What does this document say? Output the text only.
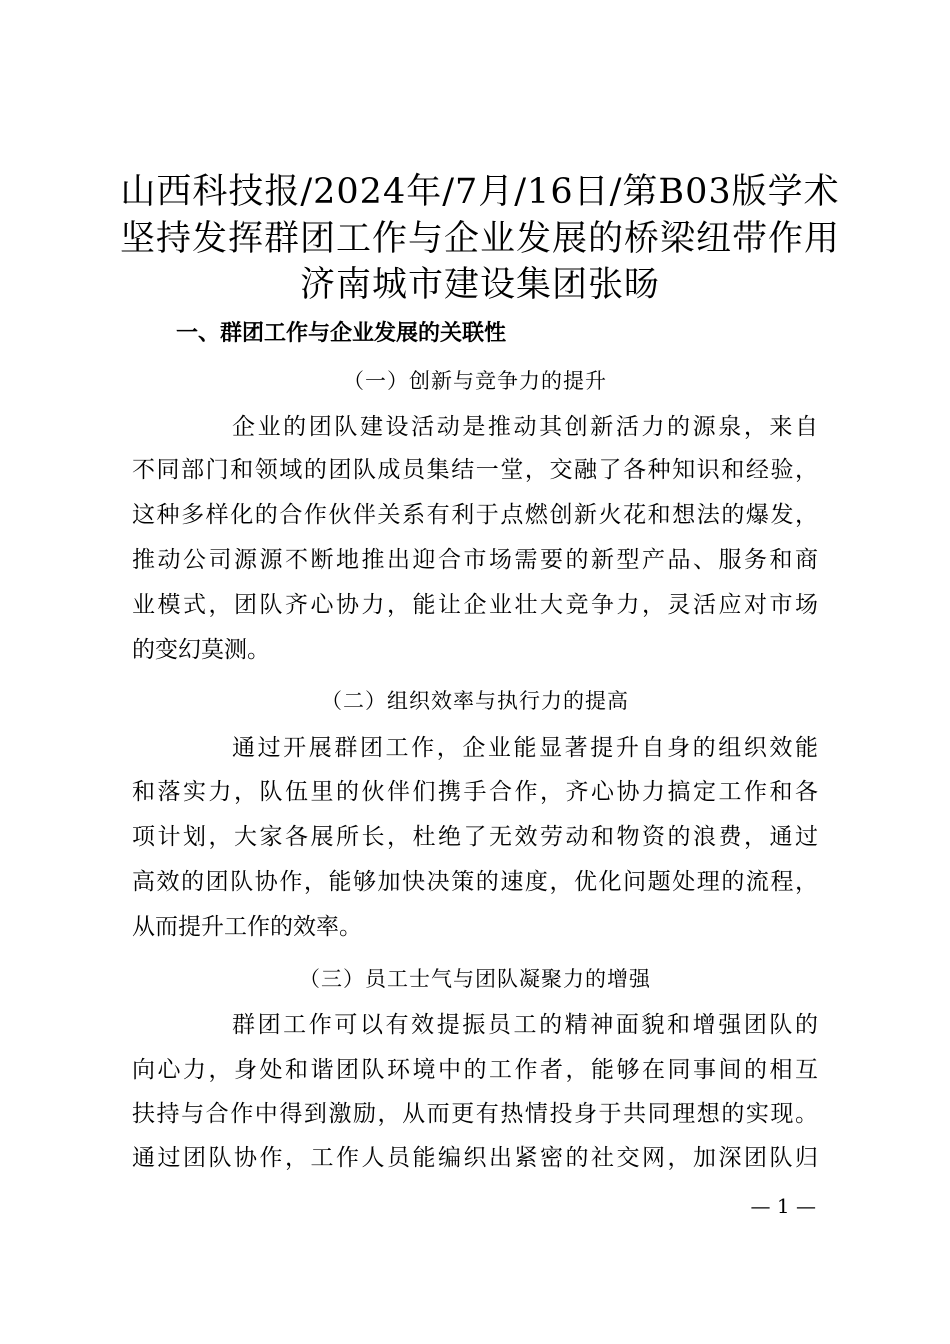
山西科技报/2024年/7月/16日/第B03版学术
坚持发挥群团工作与企业发展的桥梁纽带作用
济南城市建设集团张旸
一、群团工作与企业发展的关联性
（一）创新与竞争力的提升
企业的团队建设活动是推动其创新活力的源泉，来自
不同部门和领域的团队成员集结一堂，交融了各种知识和经验，
这种多样化的合作伙伴关系有利于点燃创新火花和想法的爆发，
推动公司源源不断地推出迎合市场需要的新型产品、服务和商
业模式，团队齐心协力，能让企业壮大竞争力，灵活应对市场
的变幻莫测。
（二）组织效率与执行力的提高
通过开展群团工作，企业能显著提升自身的组织效能
和落实力，队伍里的伙伴们携手合作，齐心协力搞定工作和各
项计划，大家各展所长，杜绝了无效劳动和物资的浪费，通过
高效的团队协作，能够加快决策的速度，优化问题处理的流程，
从而提升工作的效率。
（三）员工士气与团队凝聚力的增强
群团工作可以有效提振员工的精神面貌和增强团队的
向心力，身处和谐团队环境中的工作者，能够在同事间的相互
扶持与合作中得到激励，从而更有热情投身于共同理想的实现。
通过团队协作，工作人员能编织出紧密的社交网，加深团队归
— 1 —
